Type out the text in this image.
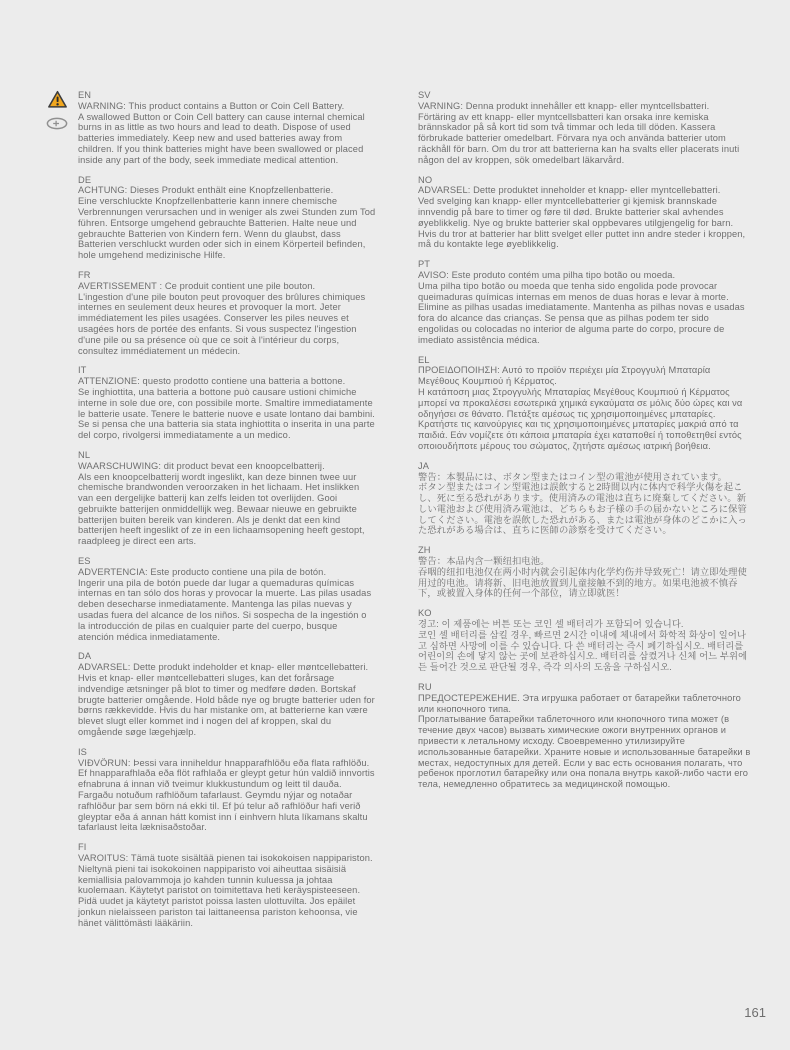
EN
WARNING: This product contains a Button or Coin Cell Battery.
A swallowed Button or Coin Cell battery can cause internal chemical burns in as little as two hours and lead to death. Dispose of used batteries immediately. Keep new and used batteries away from children. If you think batteries might have been swallowed or placed inside any part of the body, seek immediate medical attention.
DE
ACHTUNG: Dieses Produkt enthält eine Knopfzellenbatterie.
Eine verschluckte Knopfzellenbatterie kann innere chemische Verbrennungen verursachen und in weniger als zwei Stunden zum Tod führen. Entsorge umgehend gebrauchte Batterien. Halte neue und gebrauchte Batterien von Kindern fern. Wenn du glaubst, dass Batterien verschluckt wurden oder sich in einem Körperteil befinden, hole umgehend medizinische Hilfe.
FR
AVERTISSEMENT : Ce produit contient une pile bouton.
L'ingestion d'une pile bouton peut provoquer des brûlures chimiques internes en seulement deux heures et provoquer la mort. Jeter immédiatement les piles usagées. Conserver les piles neuves et usagées hors de portée des enfants. Si vous suspectez l'ingestion d'une pile ou sa présence où que ce soit à l'intérieur du corps, consultez immédiatement un médecin.
IT
ATTENZIONE: questo prodotto contiene una batteria a bottone.
Se inghiottita, una batteria a bottone può causare ustioni chimiche interne in sole due ore, con possibile morte. Smaltire immediatamente le batterie usate. Tenere le batterie nuove e usate lontano dai bambini. Se si pensa che una batteria sia stata inghiottita o inserita in una parte del corpo, rivolgersi immediatamente a un medico.
NL
WAARSCHUWING: dit product bevat een knoopcelbatterij.
Als een knoopcelbatterij wordt ingeslikt, kan deze binnen twee uur chemische brandwonden veroorzaken in het lichaam. Het inslikken van een dergelijke batterij kan zelfs leiden tot overlijden. Gooi gebruikte batterijen onmiddellijk weg. Bewaar nieuwe en gebruikte batterijen buiten bereik van kinderen. Als je denkt dat een kind batterijen heeft ingeslikt of ze in een lichaamsopening heeft gestopt, raadpleeg je direct een arts.
ES
ADVERTENCIA: Este producto contiene una pila de botón.
Ingerir una pila de botón puede dar lugar a quemaduras químicas internas en tan sólo dos horas y provocar la muerte. Las pilas usadas deben desecharse inmediatamente. Mantenga las pilas nuevas y usadas fuera del alcance de los niños. Si sospecha de la ingestión o la introducción de pilas en cualquier parte del cuerpo, busque atención médica inmediatamente.
DA
ADVARSEL: Dette produkt indeholder et knap- eller møntcellebatteri.
Hvis et knap- eller møntcellebatteri sluges, kan det forårsage indvendige ætsninger på blot to timer og medføre døden. Bortskaf brugte batterier omgående. Hold både nye og brugte batterier uden for børns rækkevidde. Hvis du har mistanke om, at batterierne kan være blevet slugt eller kommet ind i nogen del af kroppen, skal du omgående søge lægehjælp.
IS
VIÐVÖRUN: Þessi vara inniheldur hnapparafhlöðu eða flata rafhlöðu.
Ef hnapparafhlaða eða flöt rafhlaða er gleypt getur hún valdið innvortis efnabruna á innan við tveimur klukkustundum og leitt til dauða. Fargaðu notuðum rafhlöðum tafarlaust. Geymdu nýjar og notaðar rafhlöður þar sem börn ná ekki til. Ef þú telur að rafhlöður hafi verið gleyptar eða á annan hátt komist inn í einhvern hluta líkamans skaltu tafarlaust leita læknisaðstoðar.
FI
VAROITUS: Tämä tuote sisältää pienen tai isokokoisen nappipariston.
Nieltynä pieni tai isokokoinen nappiparisto voi aiheuttaa sisäisiä kemiallisia palovammoja jo kahden tunnin kuluessa ja johtaa kuolemaan. Käytetyt paristot on toimitettava heti keräyspisteeseen. Pidä uudet ja käytetyt paristot poissa lasten ulottuvilta. Jos epäilet jonkun nielaisseen pariston tai laittaneensa pariston kehoonsa, vie hänet välittömästi lääkäriin.
SV
VARNING: Denna produkt innehåller ett knapp- eller myntcellsbatteri.
Förtäring av ett knapp- eller myntcellsbatteri kan orsaka inre kemiska brännskador på så kort tid som två timmar och leda till döden. Kassera förbrukade batterier omedelbart. Förvara nya och använda batterier utom räckhåll för barn. Om du tror att batterierna kan ha svalts eller placerats inuti någon del av kroppen, sök omedelbart läkarvård.
NO
ADVARSEL: Dette produktet inneholder et knapp- eller myntcellebatteri.
Ved svelging kan knapp- eller myntcellebatterier gi kjemisk brannskade innvendig på bare to timer og føre til død. Brukte batterier skal avhendes øyeblikkelig. Nye og brukte batterier skal oppbevares utilgjengelig for barn. Hvis du tror at batterier har blitt svelget eller puttet inn andre steder i kroppen, må du kontakte lege øyeblikkelig.
PT
AVISO: Este produto contém uma pilha tipo botão ou moeda.
Uma pilha tipo botão ou moeda que tenha sido engolida pode provocar queimaduras químicas internas em menos de duas horas e levar à morte. Elimine as pilhas usadas imediatamente. Mantenha as pilhas novas e usadas fora do alcance das crianças. Se pensa que as pilhas podem ter sido engolidas ou colocadas no interior de alguma parte do corpo, procure de imediato assistência médica.
EL
ΠΡΟΕΙΔΟΠΟΙΗΣΗ: Αυτό το προϊόν περιέχει μία Στρογγυλή Μπαταρία Μεγέθους Κουμπιού ή Κέρματος.
Η κατάποση μιας Στρογγυλής Μπαταρίας Μεγέθους Κουμπιού ή Κέρματος μπορεί να προκαλέσει εσωτερικά χημικά εγκαύματα σε μόλις δύο ώρες και να οδηγήσει σε θάνατο. Πετάξτε αμέσως τις χρησιμοποιημένες μπαταρίες. Κρατήστε τις καινούργιες και τις χρησιμοποιημένες μπαταρίες μακριά από τα παιδιά. Εάν νομίζετε ότι κάποια μπαταρία έχει καταποθεί ή τοποθετηθεί εντός οποιουδήποτε μέρους του σώματος, ζητήστε αμέσως ιατρική βοήθεια.
JA
警告：本製品には、ボタン型またはコイン型の電池が使用されています。
ボタン型またはコイン型電池は誤飲すると2時間以内に体内で科学火傷を起こし、死に至る恐れがあります。使用済みの電池は直ちに廃棄してください。新しい電池および使用済み電池は、どちらもお子様の手の届かないところに保管してください。電池を誤飲した恐れがある、または電池が身体のどこかに入った恐れがある場合は、直ちに医師の診察を受けてください。
ZH
警告：本品内含一颗纽扣电池。
吞咽的纽扣电池仅在两小时内就会引起体内化学灼伤并导致死亡！请立即处理使用过的电池。请将新、旧电池放置到儿童接触不到的地方。如果电池被不慎吞下，或被置入身体的任何一个部位，请立即就医！
KO
경고: 이 제품에는 버튼 또는 코인 셀 배터리가 포함되어 있습니다.
코인 셀 배터리를 삼킬 경우, 빠르면 2시간 이내에 체내에서 화학적 화상이 일어나고 심하면 사망에 이를 수 있습니다. 다 쓴 배터리는 즉시 폐기하십시오. 배터리를 어린이의 손에 닿지 않는 곳에 보관하십시오. 배터리를 삼켰거나 신체 어느 부위에든 들어간 것으로 판단될 경우, 즉각 의사의 도움을 구하십시오.
RU
ПРЕДОСТЕРЕЖЕНИЕ. Эта игрушка работает от батарейки таблеточного или кнопочного типа.
Проглатывание батарейки таблеточного или кнопочного типа может (в течение двух часов) вызвать химические ожоги внутренних органов и привести к летальному исходу. Своевременно утилизируйте использованные батарейки. Храните новые и использованные батарейки в местах, недоступных для детей. Если у вас есть основания полагать, что ребенок проглотил батарейку или она попала внутрь какой-либо части его тела, немедленно обратитесь за медицинской помощью.
161
